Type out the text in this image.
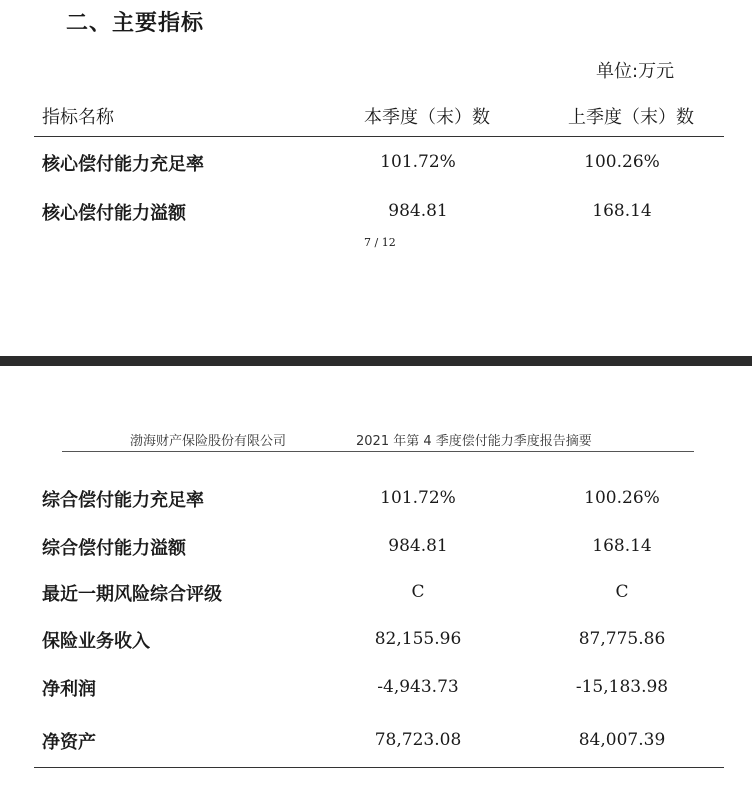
二、主要指标
单位:万元
指标名称	本季度（末）数	上季度（末）数
核心偿付能力充足率	101.72%	100.26%
核心偿付能力溢额	984.81	168.14
7 / 12
渤海财产保险股份有限公司	2021 年第 4 季度偿付能力季度报告摘要
综合偿付能力充足率	101.72%	100.26%
综合偿付能力溢额	984.81	168.14
最近一期风险综合评级	C	C
保险业务收入	82,155.96	87,775.86
净利润	-4,943.73	-15,183.98
净资产	78,723.08	84,007.39
